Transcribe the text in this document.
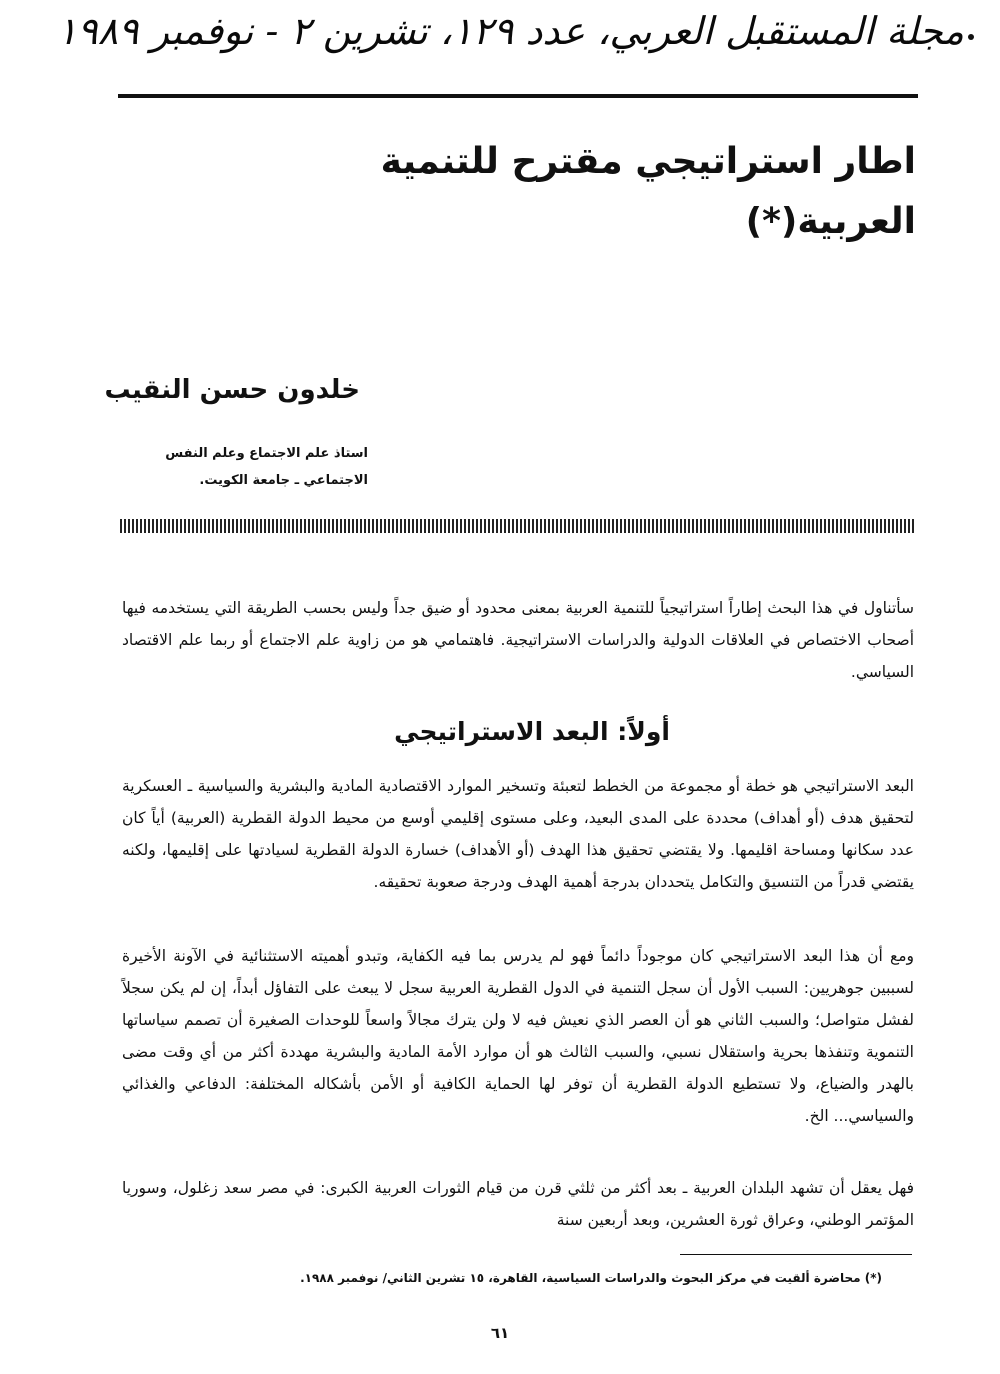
مجلة المستقبل العربي، عدد ١٢٩، تشرين ٢ - نوفمبر ١٩٨٩
اطار استراتيجي مقترح للتنمية العربية(*)
خلدون حسن النقيب
استاذ علم الاجتماع وعلم النفس
الاجتماعي ـ جامعة الكويت.

سأتناول في هذا البحث إطاراً استراتيجياً للتنمية العربية بمعنى محدود أو ضيق جداً وليس بحسب الطريقة التي يستخدمه فيها أصحاب الاختصاص في العلاقات الدولية والدراسات الاستراتيجية. فاهتمامي هو من زاوية علم الاجتماع أو ربما علم الاقتصاد السياسي.

أولاً: البعد الاستراتيجي

البعد الاستراتيجي هو خطة أو مجموعة من الخطط لتعبئة وتسخير الموارد الاقتصادية المادية والبشرية والسياسية ـ العسكرية لتحقيق هدف (أو أهداف) محددة على المدى البعيد، وعلى مستوى إقليمي أوسع من محيط الدولة القطرية (العربية) أياً كان عدد سكانها ومساحة اقليمها. ولا يقتضي تحقيق هذا الهدف (أو الأهداف) خسارة الدولة القطرية لسيادتها على إقليمها، ولكنه يقتضي قدراً من التنسيق والتكامل يتحددان بدرجة أهمية الهدف ودرجة صعوبة تحقيقه.

ومع أن هذا البعد الاستراتيجي كان موجوداً دائماً فهو لم يدرس بما فيه الكفاية، وتبدو أهميته الاستثنائية في الآونة الأخيرة لسببين جوهريين: السبب الأول أن سجل التنمية في الدول القطرية العربية سجل لا يبعث على التفاؤل أبداً، إن لم يكن سجلاً لفشل متواصل؛ والسبب الثاني هو أن العصر الذي نعيش فيه لا ولن يترك مجالاً واسعاً للوحدات الصغيرة أن تصمم سياساتها التنموية وتنفذها بحرية واستقلال نسبي، والسبب الثالث هو أن موارد الأمة المادية والبشرية مهددة أكثر من أي وقت مضى بالهدر والضياع، ولا تستطيع الدولة القطرية أن توفر لها الحماية الكافية أو الأمن بأشكاله المختلفة: الدفاعي والغذائي والسياسي... الخ.

فهل يعقل أن تشهد البلدان العربية ـ بعد أكثر من ثلثي قرن من قيام الثورات العربية الكبرى: في مصر سعد زغلول، وسوريا المؤتمر الوطني، وعراق ثورة العشرين، وبعد أربعين سنة

(*) محاضرة ألقيت في مركز البحوث والدراسات السياسية، القاهرة، ١٥ تشرين الثاني/ نوفمبر ١٩٨٨.
٦١
